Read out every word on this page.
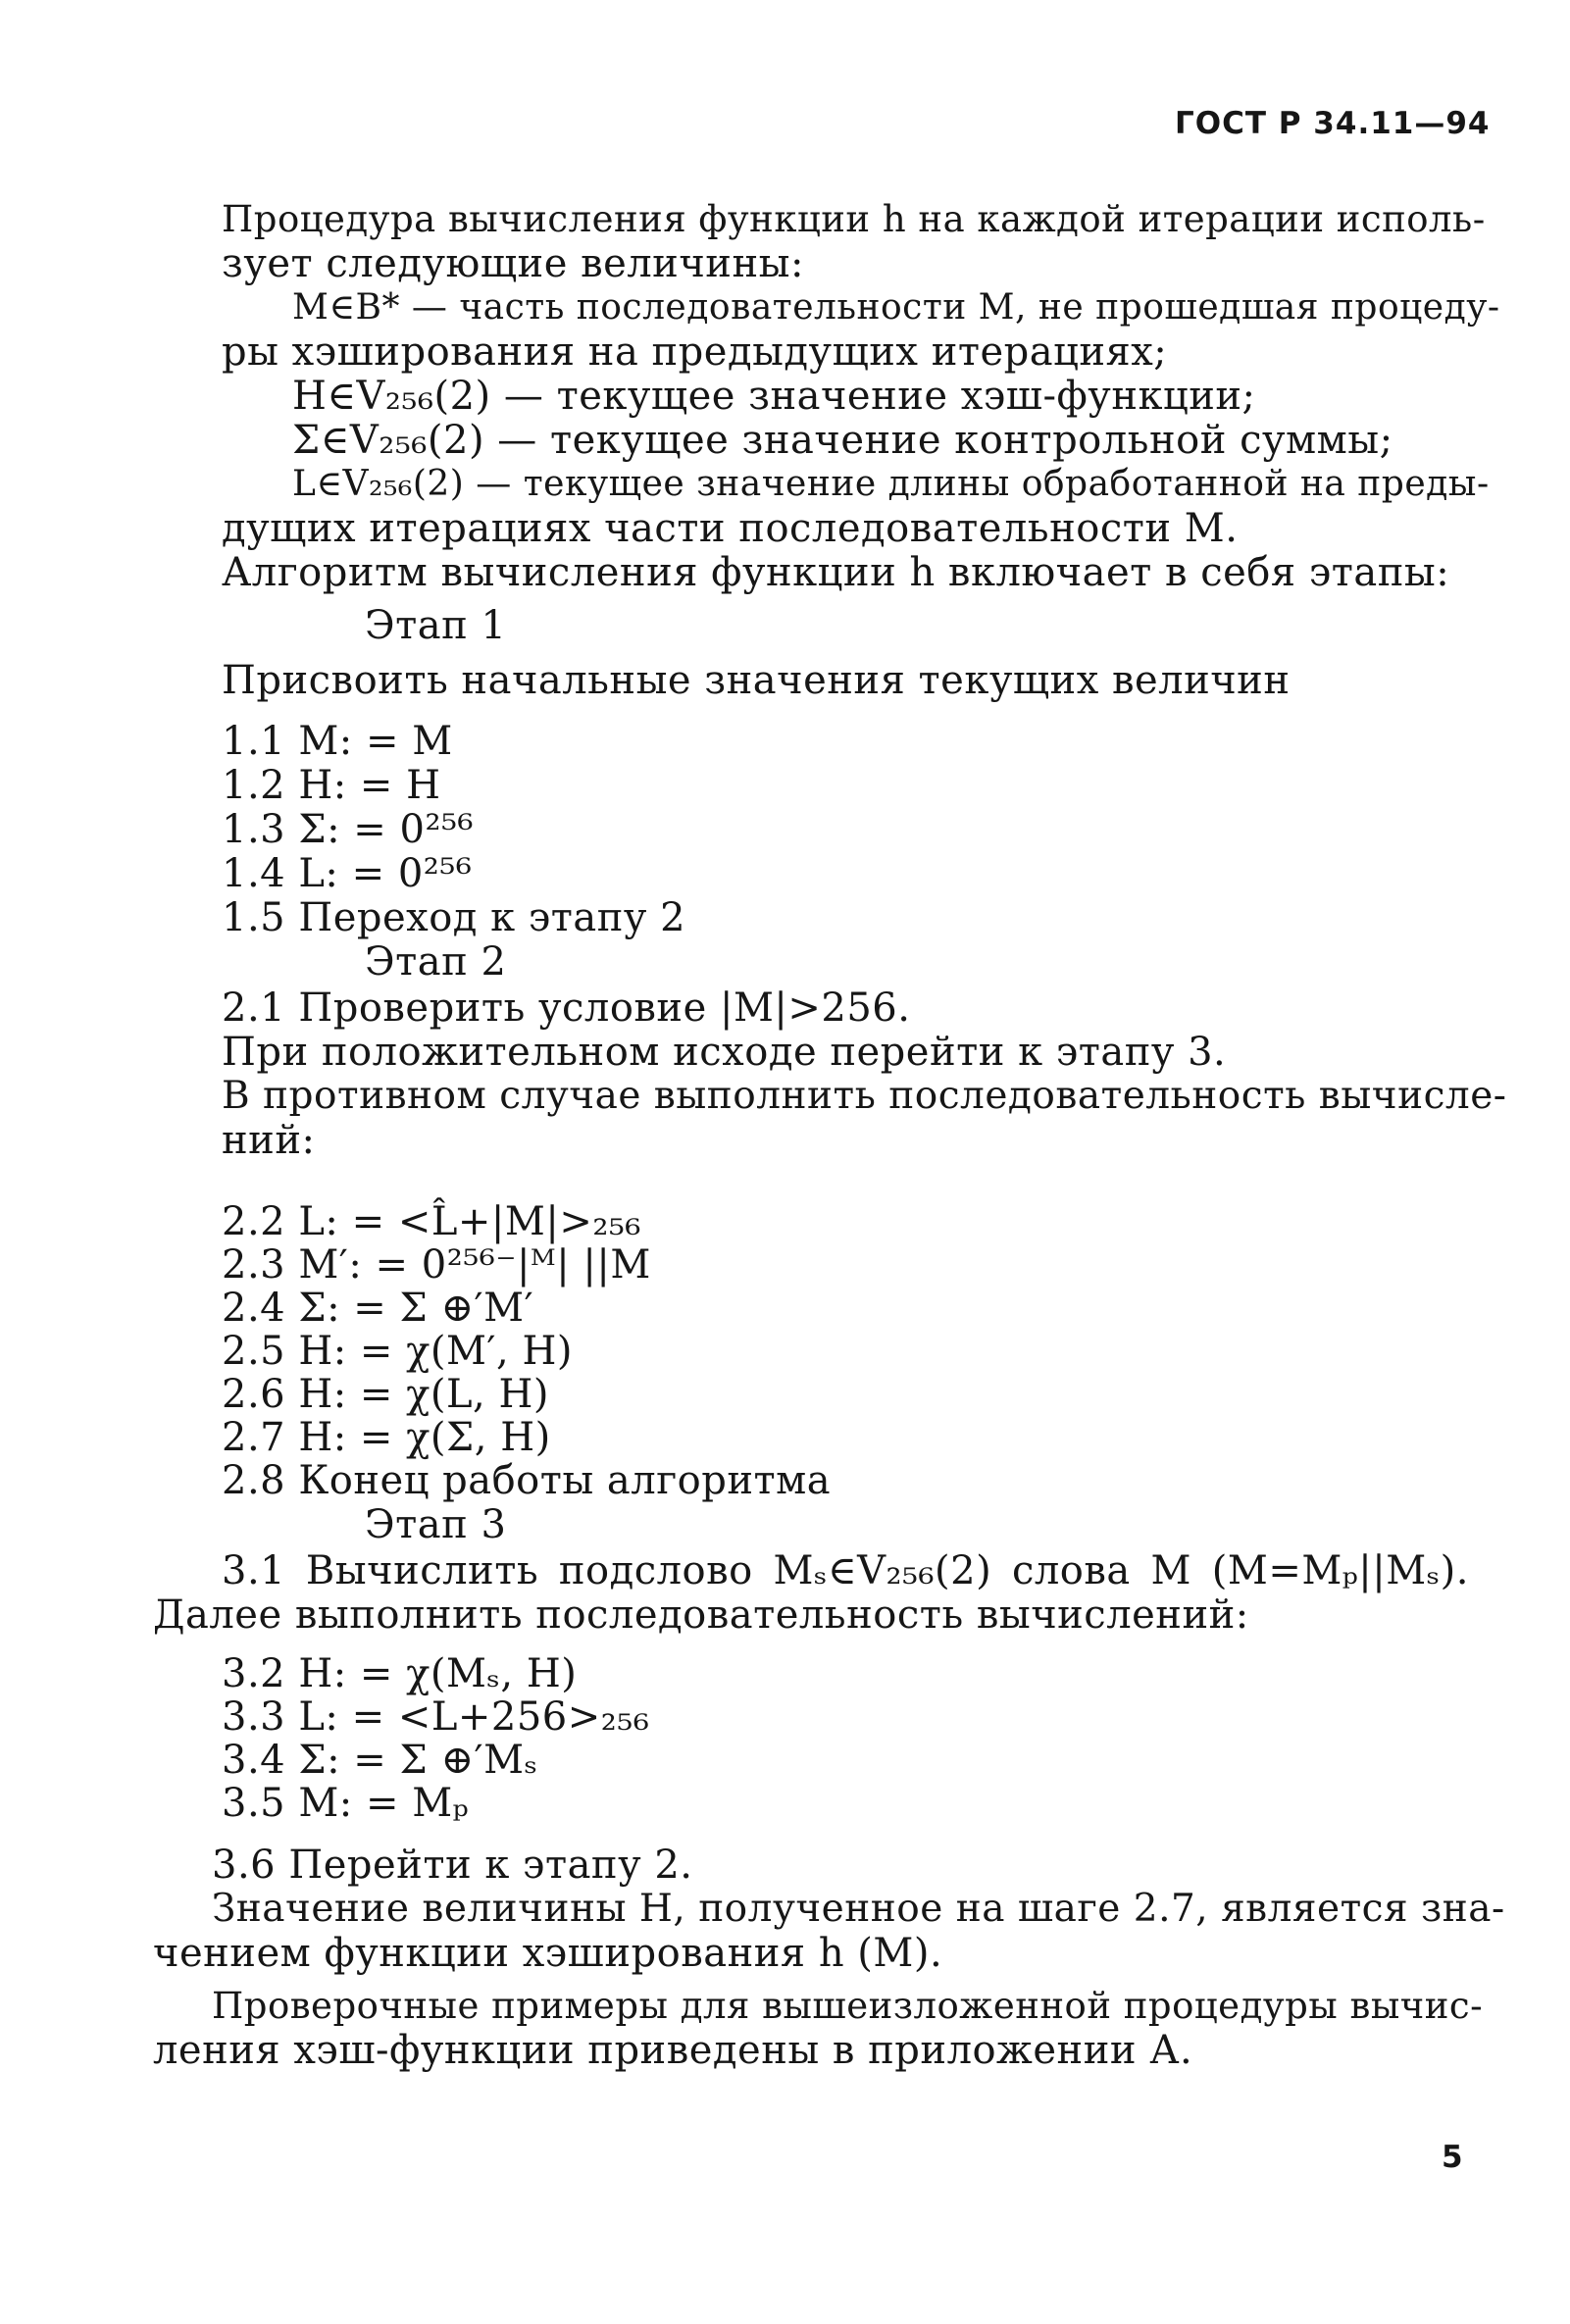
ГОСТ Р 34.11—94
Процедура вычисления функции h на каждой итерации исполь-
зует следующие величины:
M∈B* — часть последовательности M, не прошедшая процеду-
ры хэширования на предыдущих итерациях;
H∈V₂₅₆(2) — текущее значение хэш-функции;
Σ∈V₂₅₆(2) — текущее значение контрольной суммы;
L∈V₂₅₆(2) — текущее значение длины обработанной на преды-
дущих итерациях части последовательности M.
Алгоритм вычисления функции h включает в себя этапы:
Этап 1
Присвоить начальные значения текущих величин
1.1 M: = M
1.2 H: = H
1.3 Σ: = 0²⁵⁶
1.4 L: = 0²⁵⁶
1.5 Переход к этапу 2
Этап 2
2.1 Проверить условие |M|>256.
При положительном исходе перейти к этапу 3.
В противном случае выполнить последовательность вычисле-
ний:
2.2 L: = <L̂+|M|>₂₅₆
2.3 M′: = 0²⁵⁶⁻|ᴹ| ||M
2.4 Σ: = Σ ⊕′M′
2.5 H: = χ(M′, H)
2.6 H: = χ(L, H)
2.7 H: = χ(Σ, H)
2.8 Конец работы алгоритма
Этап 3
3.1 Вычислить подслово Mₛ∈V₂₅₆(2) слова M (M=Mₚ||Mₛ).
Далее выполнить последовательность вычислений:
3.2 H: = χ(Mₛ, H)
3.3 L: = <L+256>₂₅₆
3.4 Σ: = Σ ⊕′Mₛ
3.5 M: = Mₚ
3.6 Перейти к этапу 2.
Значение величины H, полученное на шаге 2.7, является зна-
чением функции хэширования h (M).
Проверочные примеры для вышеизложенной процедуры вычис-
ления хэш-функции приведены в приложении А.
5
